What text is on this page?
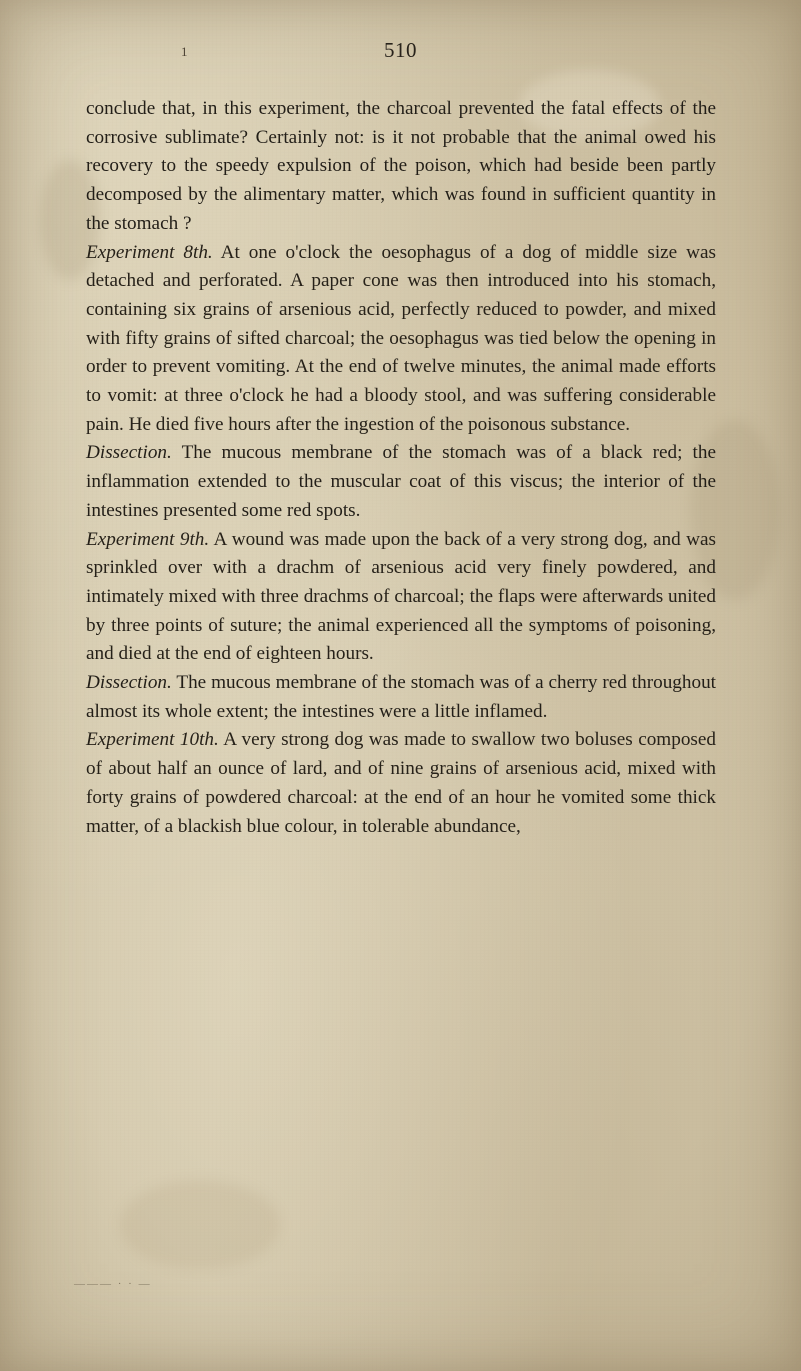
1	510

conclude that, in this experiment, the charcoal prevented the fatal effects of the corrosive sublimate? Certainly not: is it not probable that the animal owed his recovery to the speedy expulsion of the poison, which had beside been partly decomposed by the alimentary matter, which was found in sufficient quantity in the stomach ?

Experiment 8th. At one o'clock the oesophagus of a dog of middle size was detached and perforated. A paper cone was then introduced into his stomach, containing six grains of arsenious acid, perfectly reduced to powder, and mixed with fifty grains of sifted charcoal; the oesophagus was tied below the opening in order to prevent vomiting. At the end of twelve minutes, the animal made efforts to vomit: at three o'clock he had a bloody stool, and was suffering considerable pain. He died five hours after the ingestion of the poisonous substance.

Dissection. The mucous membrane of the stomach was of a black red; the inflammation extended to the muscular coat of this viscus; the interior of the intestines presented some red spots.

Experiment 9th. A wound was made upon the back of a very strong dog, and was sprinkled over with a drachm of arsenious acid very finely powdered, and intimately mixed with three drachms of charcoal; the flaps were afterwards united by three points of suture; the animal experienced all the symptoms of poisoning, and died at the end of eighteen hours.

Dissection. The mucous membrane of the stomach was of a cherry red throughout almost its whole extent; the intestines were a little inflamed.

Experiment 10th. A very strong dog was made to swallow two boluses composed of about half an ounce of lard, and of nine grains of arsenious acid, mixed with forty grains of powdered charcoal: at the end of an hour he vomited some thick matter, of a blackish blue colour, in tolerable abundance,

——— · · —
